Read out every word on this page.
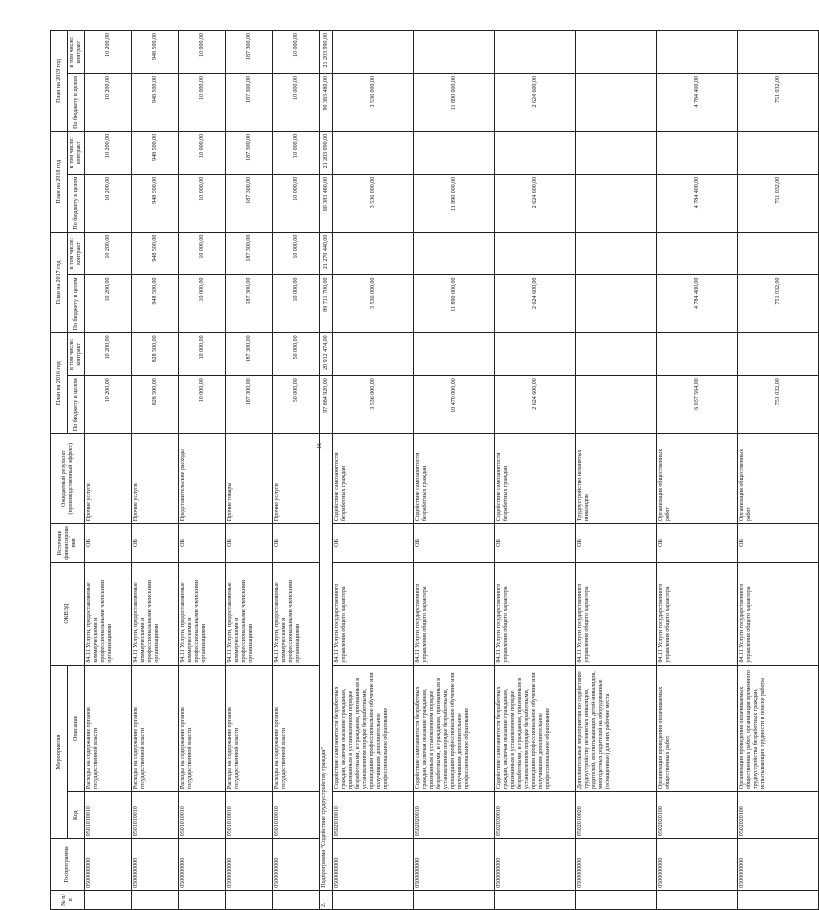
16
№ п/п	Госпрограмма	Мероприятия		ОКВЭД	Источник финансирования	Ожидаемый результат (производственный эффект)	План на 2016 год		План на 2017 год		План на 2018 год		План на 2019 год	
		Код	Описание				По бюджету в целом	в том числе: контракт	По бюджету в целом	в том числе: контракт	По бюджету в целом	в том числе: контракт	По бюджету в целом	в том числе: контракт

	0500000000	0501010010	Расходы на содержание органов государственной власти	84.11 Услуги, предоставляемые коммерческими и профессиональными членскими организациями	ОБ	Прочие услуги	10 200,00	10 200,00	10 200,00	10 200,00	10 200,00	10 200,00	10 200,00	10 200,00
	0500000000	0501010010	Расходы на содержание органов государственной власти	94.11 Услуги, предоставляемые коммерческими и профессиональными членскими организациями	ОБ	Прочие услуги	828 500,00	828 500,00	948 500,00	948 500,00	948 500,00	948 500,00	948 500,00	948 500,00
	0500000000	0501010010	Расходы на содержание органов государственной власти	94.11 Услуги, предоставляемые коммерческими и профессиональными членскими организациями	ОБ	Представительские расходы	10 000,00	10 000,00	10 000,00	10 000,00	10 000,00	10 000,00	10 000,00	10 000,00
	0500000000	0501010010	Расходы на содержание органов государственной власти	94.11 Услуги, предоставляемые коммерческими и профессиональными членскими организациями	ОБ	Прочие товары	187 300,00	187 300,00	187 300,00	187 300,00	187 300,00	187 300,00	187 300,00	187 300,00
	0500000000	0501010010	Расходы на содержание органов государственной власти	94.11 Услуги, предоставляемые коммерческими и профессиональными членскими организациями	ОБ	Прочие услуги	50 000,00	50 000,00	10 000,00	10 000,00	10 000,00	10 000,00	10 000,00	10 000,00
2.	Подпрограмма "Содействие трудоустройству граждан"						97 884 920,00	20 912 474,00	89 711 700,00	21 270 440,00	90 383 480,00	21 203 990,00	90 383 480,00	21 203 990,00
	0500000000	0502010010	Содействие самозанятости безработных граждан, включая оказание гражданам, признанным в установленном порядке безработными, и гражданам, признанным в установленном порядке безработными, прошедшим профессиональное обучение или получившим дополнительное профессиональное образование	84.11 Услуги государственного управления общего характера	ОБ	Содействие самозанятости безработных граждан	3 536 000,00		3 536 000,00		3 536 000,00		3 536 000,00	
	0500000000	0502020010	Содействие самозанятости безработных граждан, включая оказание гражданам, признанным в установленном порядке безработными, и гражданам, признанным в установленном порядке безработными, прошедшим профессиональное обучение или получившим дополнительное профессиональное образование	84.11 Услуги государственного управления общего характера	ОБ	Содействие самозанятости безработных граждан	10 470 000,00		11 890 000,00		11 890 000,00		11 890 000,00	
	0500000000	0502030010	Содействие самозанятости безработных граждан, включая оказание гражданам, признанным в установленном порядке безработными, и гражданам, признанным в установленном порядке безработными, прошедшим профессиональное обучение или получившим дополнительное профессиональное образование	84.11 Услуги государственного управления общего характера	ОБ	Содействие самозанятости безработных граждан	2 624 600,00		2 624 600,00		2 624 600,00		2 624 600,00	
	0500000000	0502010020	Дополнительные мероприятия по содействию трудоустройству незанятых инвалидов, родителей, воспитывающих детей-инвалидов, многодетных родителей на оборудованные (оснащенные) для них рабочие места	84.11 Услуги государственного управления общего характера	ОБ	Трудоустройство незанятых инвалидов								
	0500000000	0502020100	Организация проведения оплачиваемых общественных работ	84.11 Услуги государственного управления общего характера	ОБ	Организация общественных работ	6 037 564,00		4 784 400,00		4 784 400,00		4 784 400,00	
	0500000000	0502020100	Организация проведения оплачиваемых общественных работ, организация временного трудоустройства безработных граждан, испытывающих трудности в поиске работы	84.11 Услуги государственного управления общего характера	ОБ	Организация общественных работ	751 032,00		751 032,00		751 032,00		751 032,00	
